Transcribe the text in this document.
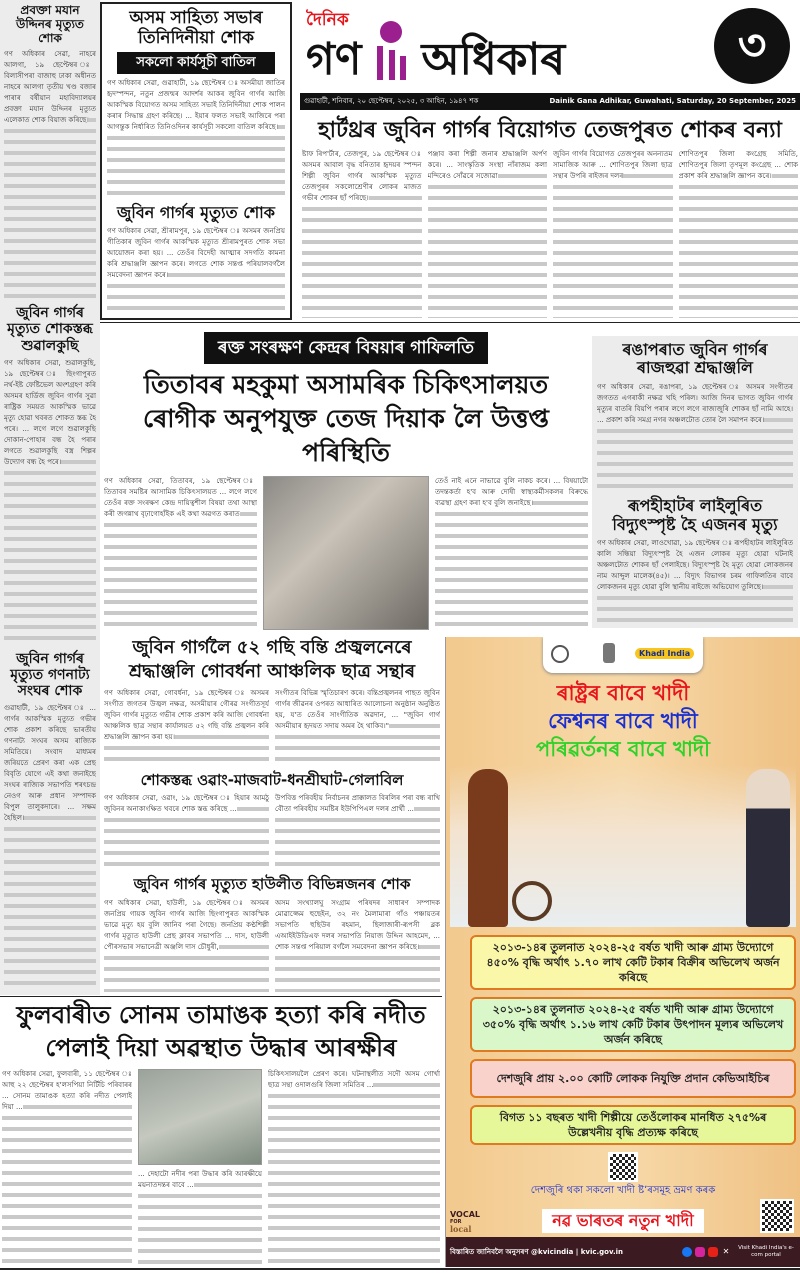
প্ৰবক্তা মযান উদ্দিনৰ মৃত্যুত শোক
গণ অধিকাৰ সেৱা, নাহৰে আলগা, ১৯ ছেপ্টেম্বৰ ঃ বিলাসীপৰা বাজাহু ঢাকা অধীনত নাহৰে আলগা তৃতীয় খণ্ড বজাৰ পাৰাৰ বৰ্ষীয়ান মহাবিদ্যালয়ৰ প্ৰবক্তা মযান উদ্দিনৰ মৃত্যুত এলেকাত শোক বিয়াজ কৰিছে।
জুবিন গাৰ্গৰ মৃত্যুত শোকস্তব্ধ শুৱালকুছি
গণ অধিকাৰ সেৱা, শুৱালকুছি, ১৯ ছেপ্টেম্বৰ ঃ ছিংগাপুৰত নৰ্থ-ইষ্ট ফেষ্টিভেল অংশগ্ৰহণ কৰি অসমৰ হাৰ্ডিজ জুবিন গাৰ্গৰ সুৱা ৰাষ্ট্ৰিক সময়ত আকস্মিক ভাৱে মৃত্যু হোৱা খবৰত শোকত স্তব্ধ হৈ পৰে। ... লগে লগে শুৱালকুছি দোকান-পোহাৰ বন্ধ হৈ পৰাৰ লগতে শুৱালকুছি বস্ত্ৰ শিল্পৰ উদ্যোগ বন্ধ হৈ পৰে।
জুবিন গাৰ্গৰ মৃত্যুত গণনাট্য সংঘৰ শোক
গুৱাহাটী, ১৯ ছেপ্টেম্বৰ ঃ ... গাৰ্গৰ আকস্মিক মৃত্যুত গভীৰ শোক প্ৰকাশ কৰিছে ভাৰতীয় গণনাট্য সংঘৰ অসম ৰাজ্যিক সমিতিয়ে। সংবাদ মাধ্যমৰ জৰিয়তে প্ৰেৰণ কৰা এক প্ৰেছ বিবৃতি যোগে এই কথা জনাইছে সংঘৰ ৰাজ্যিক সভাপতি শৰৎচন্দ্ৰ নেওগ আৰু প্ৰধান সম্পাদক বিপুল তালুকদাৰে। ... সক্ষম হৈছিল।
অসম সাহিত্য সভাৰ তিনিদিনীয়া শোক
সকলো কাৰ্যসূচী বাতিল
গণ অধিকাৰ সেৱা, গুৱাহাটী, ১৯ ছেপ্টেম্বৰ ঃ অসমীয়া জাতিৰ হৃদস্পন্দন, নতুন প্ৰজন্মৰ আদৰ্শৰ আকৰ জুবিন গাৰ্গৰ আজি আকস্মিক বিয়োগত অসম সাহিত্য সভাই তিনিদিনীয়া শোক পালন কৰাৰ সিদ্ধান্ত গ্ৰহণ কৰিছে। ... ইয়াৰ ফলত সভাই আজিৰে পৰা আগন্তুক নিৰ্ধাৰিত তিনিওদিনৰ কাৰ্যসূচী সকলো বাতিল কৰিছে।
জুবিন গাৰ্গৰ মৃত্যুত শোক
গণ অধিকাৰ সেৱা, শ্ৰীৰামপুৰ, ১৯ ছেপ্টেম্বৰ ঃ অসমৰ জনপ্ৰিয় গীতিকাৰ জুবিন গাৰ্গৰ আকস্মিক মৃত্যুত শ্ৰীৰামপুৰত শোক সভা আয়োজন কৰা হয়। ... তেওঁৰ বিদেহী আত্মাৰ সদগতি কামনা কৰি শ্ৰদ্ধাঞ্জলি জ্ঞাপন কৰে। লগতে শোক সন্তপ্ত পৰিয়ালবৰ্গলৈ সমবেদনা জ্ঞাপন কৰে।
দৈনিক
গণ অধিকাৰ	৩
গুৱাহাটী, শনিবাৰ, ২০ ছেপ্টেম্বৰ, ২০২৫, ৩ আহিন, ১৯৪৭ শক	Dainik Gana Adhikar, Guwahati, Saturday, 20 September, 2025
হাৰ্টথ্ৰৰ জুবিন গাৰ্গৰ বিয়োগত তেজপুৰত শোকৰ বন্যা
ষ্টাফ ৰিপ'ৰ্টাৰ, তেজপুৰ, ১৯ ছেপ্টেম্বৰ ঃ অসমৰ আবাল বৃদ্ধ বনিতাৰ হৃদয়ৰ স্পন্দন শিল্পী জুবিন গাৰ্গৰ আকস্মিক মৃত্যুত তেজপুৰৰ সকলোশ্ৰেণীৰ লোকৰ মাজত গভীৰ শোকৰ ছাঁ পৰিছে।
পঞ্জাব কৰা শিল্পী জনাৰ শ্ৰদ্ধাঞ্জলি অৰ্পণ কৰে। ... সাংস্কৃতিক সংস্থা নাঁৰাজম কলা মন্দিৰেও সোঁৱৰে সজোৱা
জুবিন গাৰ্গৰ বিয়োগত তেজপুৰৰ অনন্যতম সামাজিক আৰু ... শোণিতপুৰ জিলা ছাত্ৰ সন্থাৰ উপৰি ৰাইজৰ দলৰ
শোণিতপুৰ জিলা কংগ্ৰেছ সমিতি, শোণিতপুৰ জিলা তৃণমূল কংগ্ৰেছ ... শোক প্ৰকাশ কৰি শ্ৰদ্ধাঞ্জলি জ্ঞাপন কৰে।
ৰক্ত সংৰক্ষণ কেন্দ্ৰৰ বিষয়াৰ গাফিলতি
তিতাবৰ মহকুমা অসামৰিক চিকিৎসালয়ত ৰোগীক অনুপযুক্ত তেজ দিয়াক লৈ উত্তপ্ত পৰিস্থিতি
গণ অধিকাৰ সেৱা, তিতাবৰ, ১৯ ছেপ্টেম্বৰ ঃ তিতাবৰ সমষ্টিৰ আসামিক চিকিৎসালয়ত ... লগে লগে তেওঁৰ ৰক্ত সংৰক্ষণ কেন্দ্ৰ দায়িত্বশীল বিষয়া তথা আস্থা কৰী জগন্নাথ বৃঢ়াগোহাঁইক এই কথা অৱগত কৰাত
তেওঁ নাই এনে নাভাৱে বুলি নাকচ কৰে। ... বিষয়াটো তদন্তকৰ্তা হ'ব আৰু দোষী স্বাস্থ্যকৰ্মীসকলৰ বিৰুদ্ধে ব্যৱস্থা গ্ৰহণ কৰা হ'ব বুলি জনাইছে।
ৰঙাপৰাত জুবিন গাৰ্গৰ ৰাজহুৱা শ্ৰদ্ধাঞ্জলি
গণ অধিকাৰ সেৱা, ৰঙাপৰা, ১৯ ছেপ্টেম্বৰ ঃ অসমৰ সংগীতৰ জগতত এগৰাকী নক্ষত্ৰ খহি পৰিল। আজি দিনৰ ভাগত জুবিন গাৰ্গৰ মৃত্যুৰ বাতৰি বিয়পি পৰাৰ লগে লগে ৰাজ্যজুৰি শোকৰ ছাঁ নামি আহে। ... প্ৰকাশ কৰি সমগ্ৰ নগৰ অঞ্চলটোত তোৰ লৈ সমাপন কৰে।
ৰূপহীহাটৰ লাইলুৰিত বিদ্যুৎস্পৃষ্ট হৈ এজনৰ মৃত্যু
গণ অধিকাৰ সেৱা, লাওখোৱা, ১৯ ছেপ্টেম্বৰ ঃ ৰূপহীহাটৰ লাইলুৰিত কালি সন্ধিয়া বিদ্যুৎস্পৃষ্ট হৈ এজন লোকৰ মৃত্যু হোৱা ঘটনাই অঞ্চলটোত শোকৰ ছাঁ পেলাইছে। বিদ্যুৎস্পৃষ্ট হৈ মৃত্যু হোৱা লোকজনৰ নাম আব্দুল মালেক(৪৫)। ... বিদ্যুৎ বিভাগৰ চৰম গাফিলতিৰ বাবে লোকজনৰ মৃত্যু হোৱা বুলি স্থানীয় ৰাইজে অভিযোগ তুলিছে।
জুবিন গাৰ্গলৈ ৫২ গছি বন্তি প্ৰজ্বলনেৰে শ্ৰদ্ধাঞ্জলি গোবৰ্ধনা আঞ্চলিক ছাত্ৰ সন্থাৰ
গণ অধিকাৰ সেৱা, গোবৰ্ধনা, ১৯ ছেপ্টেম্বৰ ঃ অসমৰ সংগীত জগতৰ উজ্বল নক্ষত্ৰ, অসমীয়াৰ গৌৰৱ সংগীতসূৰ্য জুবিন গাৰ্গৰ মৃত্যুত গভীৰ শোক প্ৰকাশ কৰি আজি গোবৰ্ধনা আঞ্চলিক ছাত্ৰ সন্থাৰ কাৰ্যালয়ত ৫২ গছি বন্তি প্ৰজ্বলন কৰি শ্ৰদ্ধাঞ্জলি জ্ঞাপন কৰা হয়।
সংগীতৰ বিভিন্ন স্মৃতিচাৰণ কৰে। বন্তিপ্ৰজ্বলনৰ পাছত জুবিন গাৰ্গৰ জীৱনৰ ওপৰত আধাৰিত আলোচনা অনুষ্ঠান অনুষ্ঠিত হয়, য'ত তেওঁৰ সাংগীতিক অৱদান, ... "জুবিন গাৰ্গ অসমীয়াৰ হৃদয়ত সদায় অমৰ হৈ থাকিব।"
শোকস্তব্ধ ওৱাং-মাজবাট-ধনশ্ৰীঘাট-গেলাবিল
গণ অধিকাৰ সেৱা, ওৱাং, ১৯ ছেপ্টেম্বৰ ঃ হিয়াৰ আমঠু জুবিনৰ অনাকাংক্ষিত খবৰে শোক স্তব্ধ কৰিছে ...
উপবিত্ত পৰিবহীয় নিৰ্বাচনৰ প্ৰাক্কালত বিৰলিৰ পৰা বন্ধ ৰাখি বৌতা পৰিবহীয় সমষ্টিৰ ইউপিপিএল দলৰ প্ৰাৰ্থী ...
জুবিন গাৰ্গৰ মৃত্যুত হাউলীত বিভিন্নজনৰ শোক
গণ অধিকাৰ সেৱা, হাউলী, ১৯ ছেপ্টেম্বৰ ঃ অসমৰ জনপ্ৰিয় গায়ক জুবিন গাৰ্গৰ আজি ছিংগাপুৰত আকস্মিক ভাৱে মৃত্যু হয় বুলি জানিব পৰা গৈছে। জনপ্ৰিয় কণ্ঠশিল্পী গাৰ্গৰ মৃত্যুত হাউলী প্ৰেছ ক্লাবৰ সভাপতি ... দাস, হাউলী পৌৰসভাৰ সভানেত্ৰী অঞ্জলি দাস চৌধুৰী,
অসম সংখ্যালঘু সংগ্ৰাম পৰিষদৰ সাধাৰণ সম্পাদক মোৱাজ্জেম হুছেইন, ৩২ নং মৈলামাৰা গাঁও পঞ্চায়তৰ সভাপতি হুছিউৰ ৰহমান, ছিলাজাৰী-ৰূপসী ব্লক এআইইউডিএফ দলৰ সভাপতি নিয়াজ উদ্দিন আহমেদ, ... শোক সন্তপ্ত পৰিয়াল বৰ্গলৈ সমবেদনা জ্ঞাপন কৰিছে।
ফুলবাৰীত সোনম তামাঙক হত্যা কৰি নদীত পেলাই দিয়া অৱস্থাত উদ্ধাৰ আৰক্ষীৰ
গণ অধিকাৰ সেৱা, ফুলবাৰী, ১১ ছেপ্টেম্বৰ ঃ আহু ২২ ছেপ্টেম্বৰ হ'লসপিয়া নিৰ্টিচি পৰিবাৰৰ ... সোনম তামাঙক হত্যা কৰি নদীত পেলাই দিয়া ...
... দেহাটো নদীৰ পৰা উদ্ধাৰ কৰি আৰক্ষীয়ে ময়নাতদন্তৰ বাবে ...
চিকিৎসালয়লৈ প্ৰেৰণ কৰে। ঘটনাস্থলীত সদৌ অসম গোৰ্খা ছাত্ৰ সন্থা ওদালগুৰি জিলা সমিতিৰ ...
Khadi India
ৰাষ্ট্ৰৰ বাবে খাদী
ফেশ্বনৰ বাবে খাদী
পৰিৱৰ্তনৰ বাবে খাদী
২০১৩-১৪ৰ তুলনাত ২০২৪-২৫ বৰ্ষত খাদী আৰু গ্ৰাম্য উদ্যোগে ৪৫০% বৃদ্ধি অৰ্থাৎ ১.৭০ লাখ কেটি টকাৰ বিক্ৰীৰ অভিলেখ অৰ্জন কৰিছে
২০১৩-১৪ৰ তুলনাত ২০২৪-২৫ বৰ্ষত খাদী আৰু গ্ৰাম্য উদ্যোগে ৩৫০% বৃদ্ধি অৰ্থাৎ ১.১৬ লাখ কেটি টকাৰ উৎপাদন মূল্যৰ অভিলেখ অৰ্জন কৰিছে
দেশজুৰি প্ৰায় ২.০০ কোটি লোকক নিযুক্তি প্ৰদান কেভিআইচিৰ
বিগত ১১ বছৰত খাদী শিল্পীয়ে তেওঁলোকৰ মানধিত ২৭৫%ৰ উল্লেখনীয় বৃদ্ধি প্ৰত্যক্ষ কৰিছে
দেশজুৰি থকা সকলো খাদী ষ্টʼৰসমূহ ভ্ৰমণ কৰক
VOCAL
FOR
local	নৱ ভাৰতৰ নতুন খাদী
বিস্তাৰিত জানিবলৈ অনুসৰণ @kvicindia | kvic.gov.in	✕	Visit Khadi India's e-com portal
